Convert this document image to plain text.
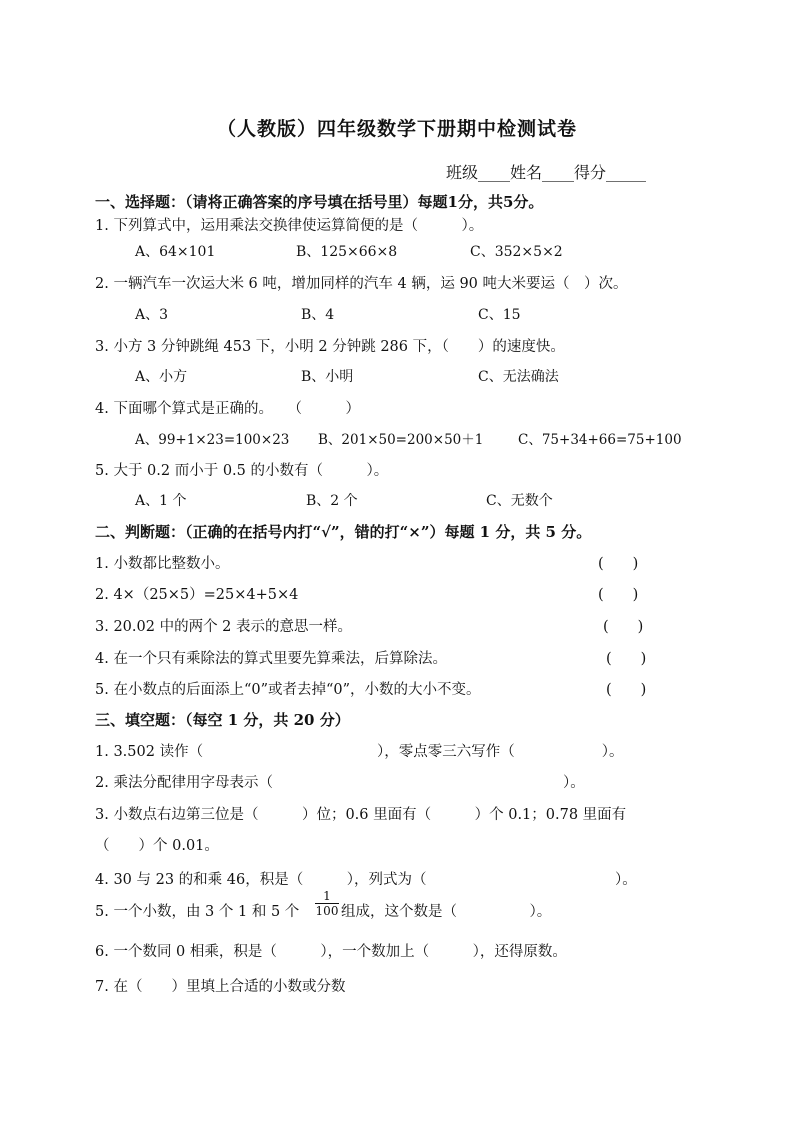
（人教版）四年级数学下册期中检测试卷
班级____姓名____得分_____
一、选择题：（请将正确答案的序号填在括号里）每题1分，共5分。
1. 下列算式中，运用乘法交换律使运算简便的是（　　　）。
A、64×101	B、125×66×8	C、352×5×2
2. 一辆汽车一次运大米 6 吨，增加同样的汽车 4 辆，运 90 吨大米要运（　）次。
A、3	B、4	C、15
3. 小方 3 分钟跳绳 453 下，小明 2 分钟跳 286 下，（　　）的速度快。
A、小方	B、小明	C、无法确法
4. 下面哪个算式是正确的。　　（　　　）
A、99+1×23=100×23 B、201×50=200×50＋1	C、75+34+66=75+100
5. 大于 0.2 而小于 0.5 的小数有（　　　）。
A、1 个	B、2 个	C、无数个
二、判断题：（正确的在括号内打“√”，错的打“×”）每题 1 分，共 5 分。
1. 小数都比整数小。	(　　)
2. 4×（25×5）=25×4+5×4	(　　)
3. 20.02 中的两个 2 表示的意思一样。	(　　)
4. 在一个只有乘除法的算式里要先算乘法，后算除法。	(　　)
5. 在小数点的后面添上“0”或者去掉“0”，小数的大小不变。	(　　)
三、填空题：（每空 1 分，共 20 分）
1. 3.502 读作（　　　　　　　　　　　　），零点零三六写作（　　　　　　）。
2. 乘法分配律用字母表示（　　　　　　　　　　　　　　　　　　　　）。
3. 小数点右边第三位是（　　　）位；0.6 里面有（　　　）个 0.1；0.78 里面有
（　　）个 0.01。
4. 30 与 23 的和乘 46，积是（　　　），列式为（　　　　　　　　　　　　　）。
5. 一个小数，由 3 个 1 和 5 个
1
100 组成，这个数是（　　　　　）。
6. 一个数同 0 相乘，积是（　　　），一个数加上（　　　），还得原数。
7. 在（　　）里填上合适的小数或分数
